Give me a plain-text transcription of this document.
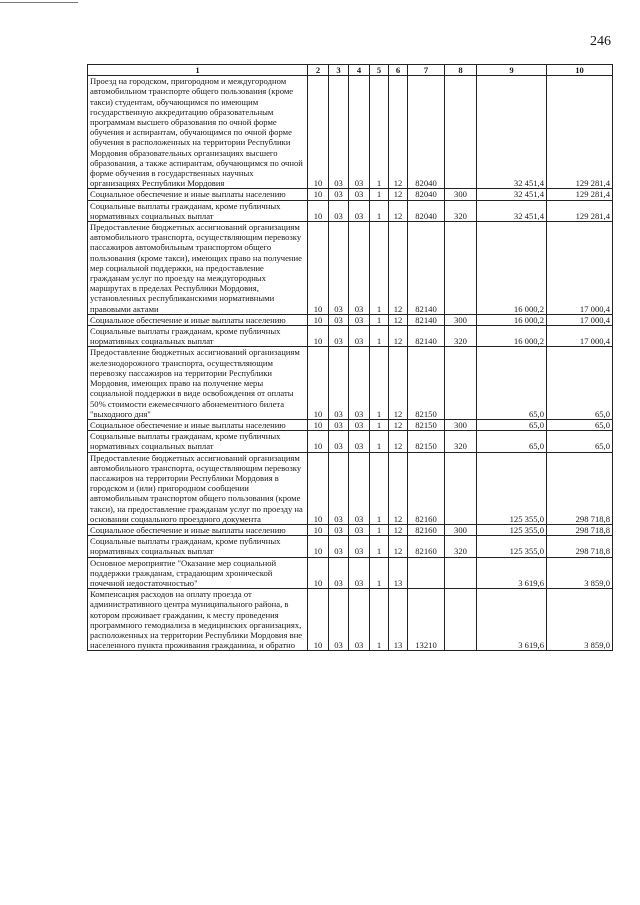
246
1	2	3	4	5	6	7	8	9	10
Проезд на городском, пригородном и междугородном автомобильном транспорте общего пользования (кроме такси) студентам, обучающимся по имеющим государственную аккредитацию образовательным программам высшего образования по очной форме обучения и аспирантам, обучающимся по очной форме обучения в расположенных на территории Республики Мордовия образовательных организациях высшего образования, а также аспирантам, обучающимся по очной форме обучения в государственных научных организациях Республики Мордовия	10	03	03	1	12	82040		32 451,4	129 281,4
Социальное обеспечение и иные выплаты населению	10	03	03	1	12	82040	300	32 451,4	129 281,4
Социальные выплаты гражданам, кроме публичных нормативных социальных выплат	10	03	03	1	12	82040	320	32 451,4	129 281,4
Предоставление бюджетных ассигнований организациям автомобильного транспорта, осуществляющим перевозку пассажиров автомобильным транспортом общего пользования (кроме такси), имеющих право на получение мер социальной поддержки, на предоставление гражданам услуг по проезду на междугородных маршрутах в пределах Республики Мордовия, установленных республиканскими нормативными правовыми актами	10	03	03	1	12	82140		16 000,2	17 000,4
Социальное обеспечение и иные выплаты населению	10	03	03	1	12	82140	300	16 000,2	17 000,4
Социальные выплаты гражданам, кроме публичных нормативных социальных выплат	10	03	03	1	12	82140	320	16 000,2	17 000,4
Предоставление бюджетных ассигнований организациям железнодорожного транспорта, осуществляющим перевозку пассажиров на территории Республики Мордовия, имеющих право на получение меры социальной поддержки в виде освобождения от оплаты 50% стоимости ежемесячного абонементного билета "выходного дня"	10	03	03	1	12	82150		65,0	65,0
Социальное обеспечение и иные выплаты населению	10	03	03	1	12	82150	300	65,0	65,0
Социальные выплаты гражданам, кроме публичных нормативных социальных выплат	10	03	03	1	12	82150	320	65,0	65,0
Предоставление бюджетных ассигнований организациям автомобильного транспорта, осуществляющим перевозку пассажиров на территории Республики Мордовия в городском и (или) пригородном сообщении автомобильным транспортом общего пользования (кроме такси), на предоставление гражданам услуг по проезду на основании социального проездного документа	10	03	03	1	12	82160		125 355,0	298 718,8
Социальное обеспечение и иные выплаты населению	10	03	03	1	12	82160	300	125 355,0	298 718,8
Социальные выплаты гражданам, кроме публичных нормативных социальных выплат	10	03	03	1	12	82160	320	125 355,0	298 718,8
Основное мероприятие "Оказание мер социальной поддержки гражданам, страдающим хронической почечной недостаточностью"	10	03	03	1	13			3 619,6	3 859,0
Компенсация расходов на оплату проезда от административного центра муниципального района, в котором проживает гражданин, к месту проведения программного гемодиализа в медицинских организациях, расположенных на территории Республики Мордовия вне населенного пункта проживания гражданина, и обратно	10	03	03	1	13	13210		3 619,6	3 859,0
